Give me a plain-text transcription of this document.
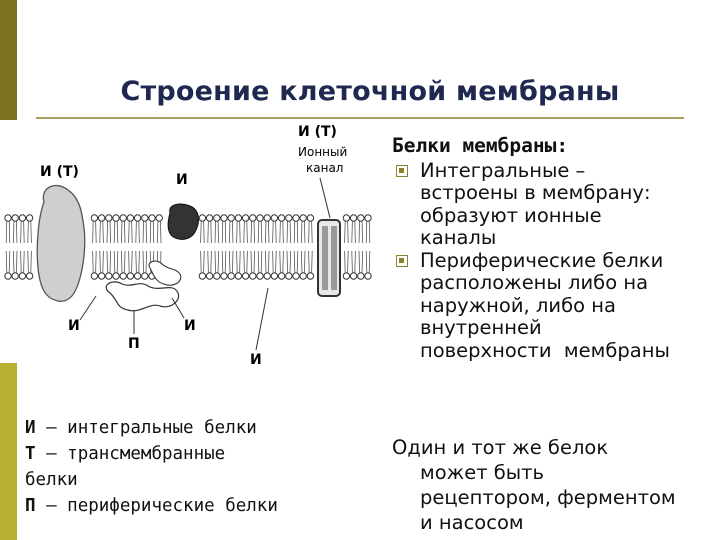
Строение клеточной мембраны
И (Т)	И
И (Т)
Ионный
канал
И
П
И
И
И — интегральные белки
Т — трансмембранные
белки
П — периферические белки
Белки мембраны:
Интегральные –
встроены в мембрану:
образуют ионные
каналы
Периферические белки
расположены либо на
наружной, либо на
внутренней
поверхности  мембраны
Один и тот же белок
может быть
рецептором, ферментом
и насосом
